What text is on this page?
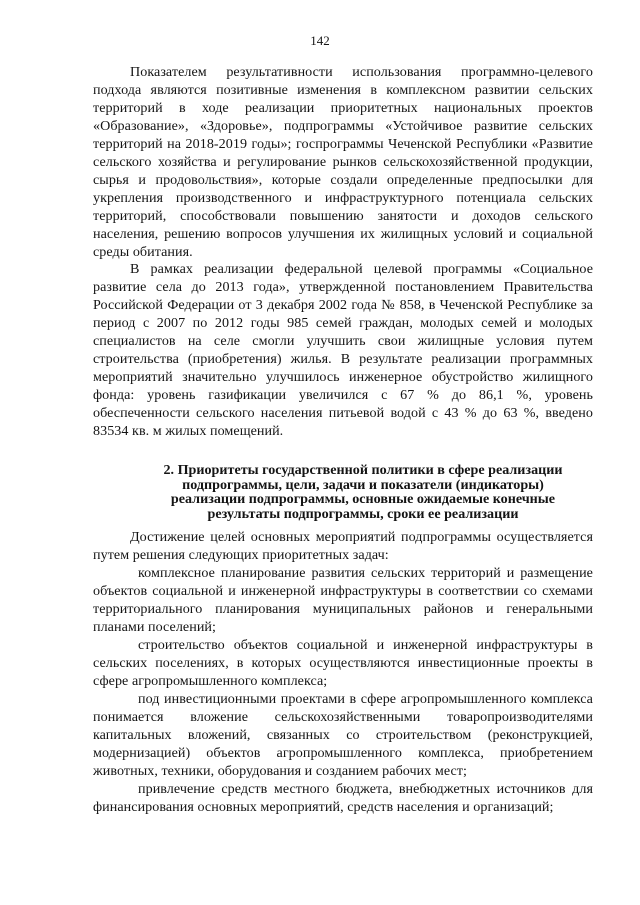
142

Показателем результативности использования программно-целевого подхода являются позитивные изменения в комплексном развитии сельских территорий в ходе реализации приоритетных национальных проектов «Образование», «Здоровье», подпрограммы «Устойчивое развитие сельских территорий на 2018-2019 годы»; госпрограммы Чеченской Республики «Развитие сельского хозяйства и регулирование рынков сельскохозяйственной продукции, сырья и продовольствия», которые создали определенные предпосылки для укрепления производственного и инфраструктурного потенциала сельских территорий, способствовали повышению занятости и доходов сельского населения, решению вопросов улучшения их жилищных условий и социальной среды обитания.

В рамках реализации федеральной целевой программы «Социальное развитие села до 2013 года», утвержденной постановлением Правительства Российской Федерации от 3 декабря 2002 года № 858, в Чеченской Республике за период с 2007 по 2012 годы 985 семей граждан, молодых семей и молодых специалистов на селе смогли улучшить свои жилищные условия путем строительства (приобретения) жилья. В результате реализации программных мероприятий значительно улучшилось инженерное обустройство жилищного фонда: уровень газификации увеличился с 67 % до 86,1 %, уровень обеспеченности сельского населения питьевой водой с 43 % до 63 %, введено 83534 кв. м жилых помещений.

2. Приоритеты государственной политики в сфере реализации
подпрограммы, цели, задачи и показатели (индикаторы)
реализации подпрограммы, основные ожидаемые конечные
результаты подпрограммы, сроки ее реализации

Достижение целей основных мероприятий подпрограммы осуществляется путем решения следующих приоритетных задач:

комплексное планирование развития сельских территорий и размещение объектов социальной и инженерной инфраструктуры в соответствии со схемами территориального планирования муниципальных районов и генеральными планами поселений;

строительство объектов социальной и инженерной инфраструктуры в сельских поселениях, в которых осуществляются инвестиционные проекты в сфере агропромышленного комплекса;

под инвестиционными проектами в сфере агропромышленного комплекса понимается вложение сельскохозяйственными товаропроизводителями капитальных вложений, связанных со строительством (реконструкцией, модернизацией) объектов агропромышленного комплекса, приобретением животных, техники, оборудования и созданием рабочих мест;

привлечение средств местного бюджета, внебюджетных источников для финансирования основных мероприятий, средств населения и организаций;
